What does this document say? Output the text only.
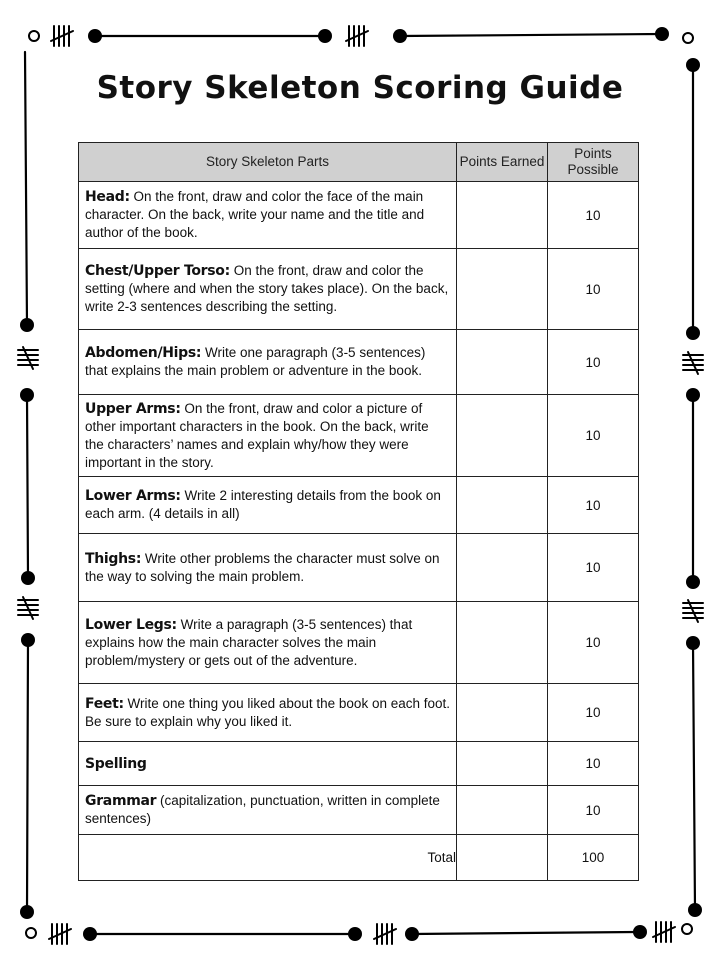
Story Skeleton Scoring Guide
Story Skeleton Parts	Points Earned	Points Possible
Head: On the front, draw and color the face of the main character. On the back, write your name and the title and author of the book.		10
Chest/Upper Torso: On the front, draw and color the setting (where and when the story takes place). On the back, write 2-3 sentences describing the setting.		10
Abdomen/Hips: Write one paragraph (3-5 sentences) that explains the main problem or adventure in the book.		10
Upper Arms: On the front, draw and color a picture of other important characters in the book. On the back, write the characters’ names and explain why/how they were important in the story.		10
Lower Arms: Write 2 interesting details from the book on each arm. (4 details in all)		10
Thighs: Write other problems the character must solve on the way to solving the main problem.		10
Lower Legs: Write a paragraph (3-5 sentences) that explains how the main character solves the main problem/mystery or gets out of the adventure.		10
Feet: Write one thing you liked about the book on each foot. Be sure to explain why you liked it.		10
Spelling		10
Grammar (capitalization, punctuation, written in complete sentences)		10
Total		100
